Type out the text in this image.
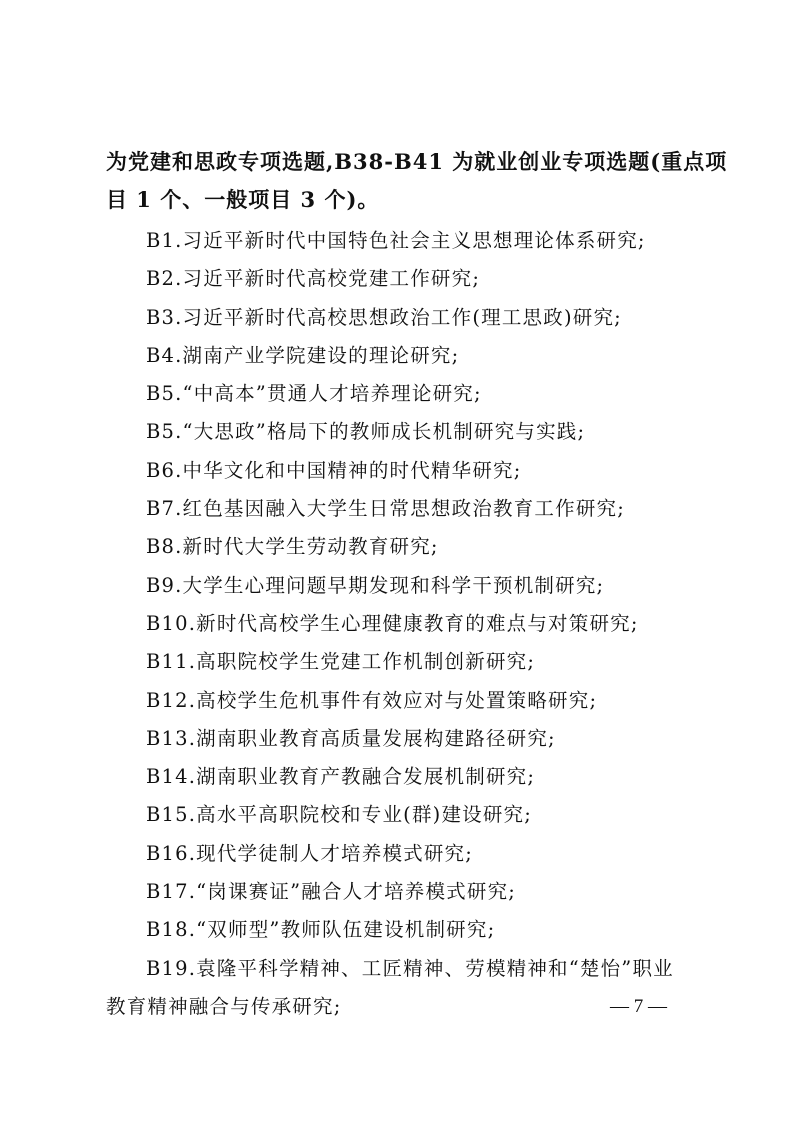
为党建和思政专项选题,B38-B41 为就业创业专项选题(重点项
目 1 个、一般项目 3 个)。
B1.习近平新时代中国特色社会主义思想理论体系研究;
B2.习近平新时代高校党建工作研究;
B3.习近平新时代高校思想政治工作(理工思政)研究;
B4.湖南产业学院建设的理论研究;
B5.“中高本”贯通人才培养理论研究;
B5.“大思政”格局下的教师成长机制研究与实践;
B6.中华文化和中国精神的时代精华研究;
B7.红色基因融入大学生日常思想政治教育工作研究;
B8.新时代大学生劳动教育研究;
B9.大学生心理问题早期发现和科学干预机制研究;
B10.新时代高校学生心理健康教育的难点与对策研究;
B11.高职院校学生党建工作机制创新研究;
B12.高校学生危机事件有效应对与处置策略研究;
B13.湖南职业教育高质量发展构建路径研究;
B14.湖南职业教育产教融合发展机制研究;
B15.高水平高职院校和专业(群)建设研究;
B16.现代学徒制人才培养模式研究;
B17.“岗课赛证”融合人才培养模式研究;
B18.“双师型”教师队伍建设机制研究;
B19.袁隆平科学精神、工匠精神、劳模精神和“楚怡”职业
教育精神融合与传承研究;	— 7 —
